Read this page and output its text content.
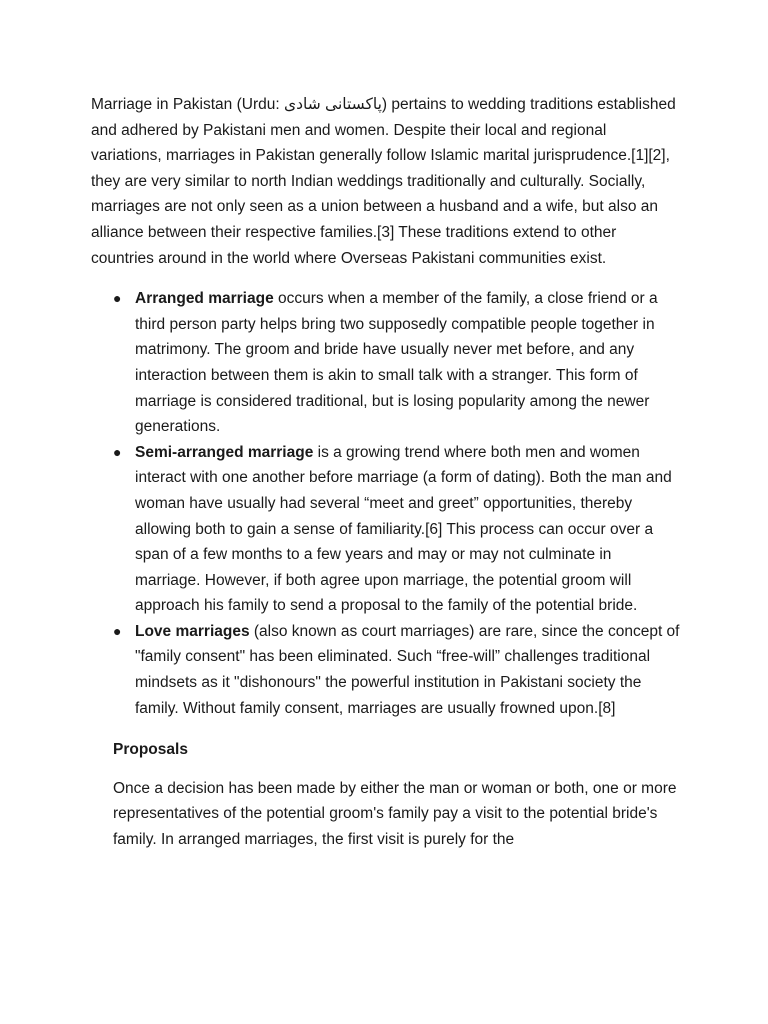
Marriage in Pakistan (Urdu: پاکستانی شادی) pertains to wedding traditions established and adhered by Pakistani men and women. Despite their local and regional variations, marriages in Pakistan generally follow Islamic marital jurisprudence.[1][2], they are very similar to north Indian weddings traditionally and culturally. Socially, marriages are not only seen as a union between a husband and a wife, but also an alliance between their respective families.[3] These traditions extend to other countries around in the world where Overseas Pakistani communities exist.

● Arranged marriage occurs when a member of the family, a close friend or a third person party helps bring two supposedly compatible people together in matrimony. The groom and bride have usually never met before, and any interaction between them is akin to small talk with a stranger. This form of marriage is considered traditional, but is losing popularity among the newer generations.
● Semi-arranged marriage is a growing trend where both men and women interact with one another before marriage (a form of dating). Both the man and woman have usually had several “meet and greet” opportunities, thereby allowing both to gain a sense of familiarity.[6] This process can occur over a span of a few months to a few years and may or may not culminate in marriage. However, if both agree upon marriage, the potential groom will approach his family to send a proposal to the family of the potential bride.
● Love marriages (also known as court marriages) are rare, since the concept of "family consent" has been eliminated. Such “free-will” challenges traditional mindsets as it "dishonours" the powerful institution in Pakistani society the family. Without family consent, marriages are usually frowned upon.[8]

Proposals

Once a decision has been made by either the man or woman or both, one or more representatives of the potential groom's family pay a visit to the potential bride's family. In arranged marriages, the first visit is purely for the
